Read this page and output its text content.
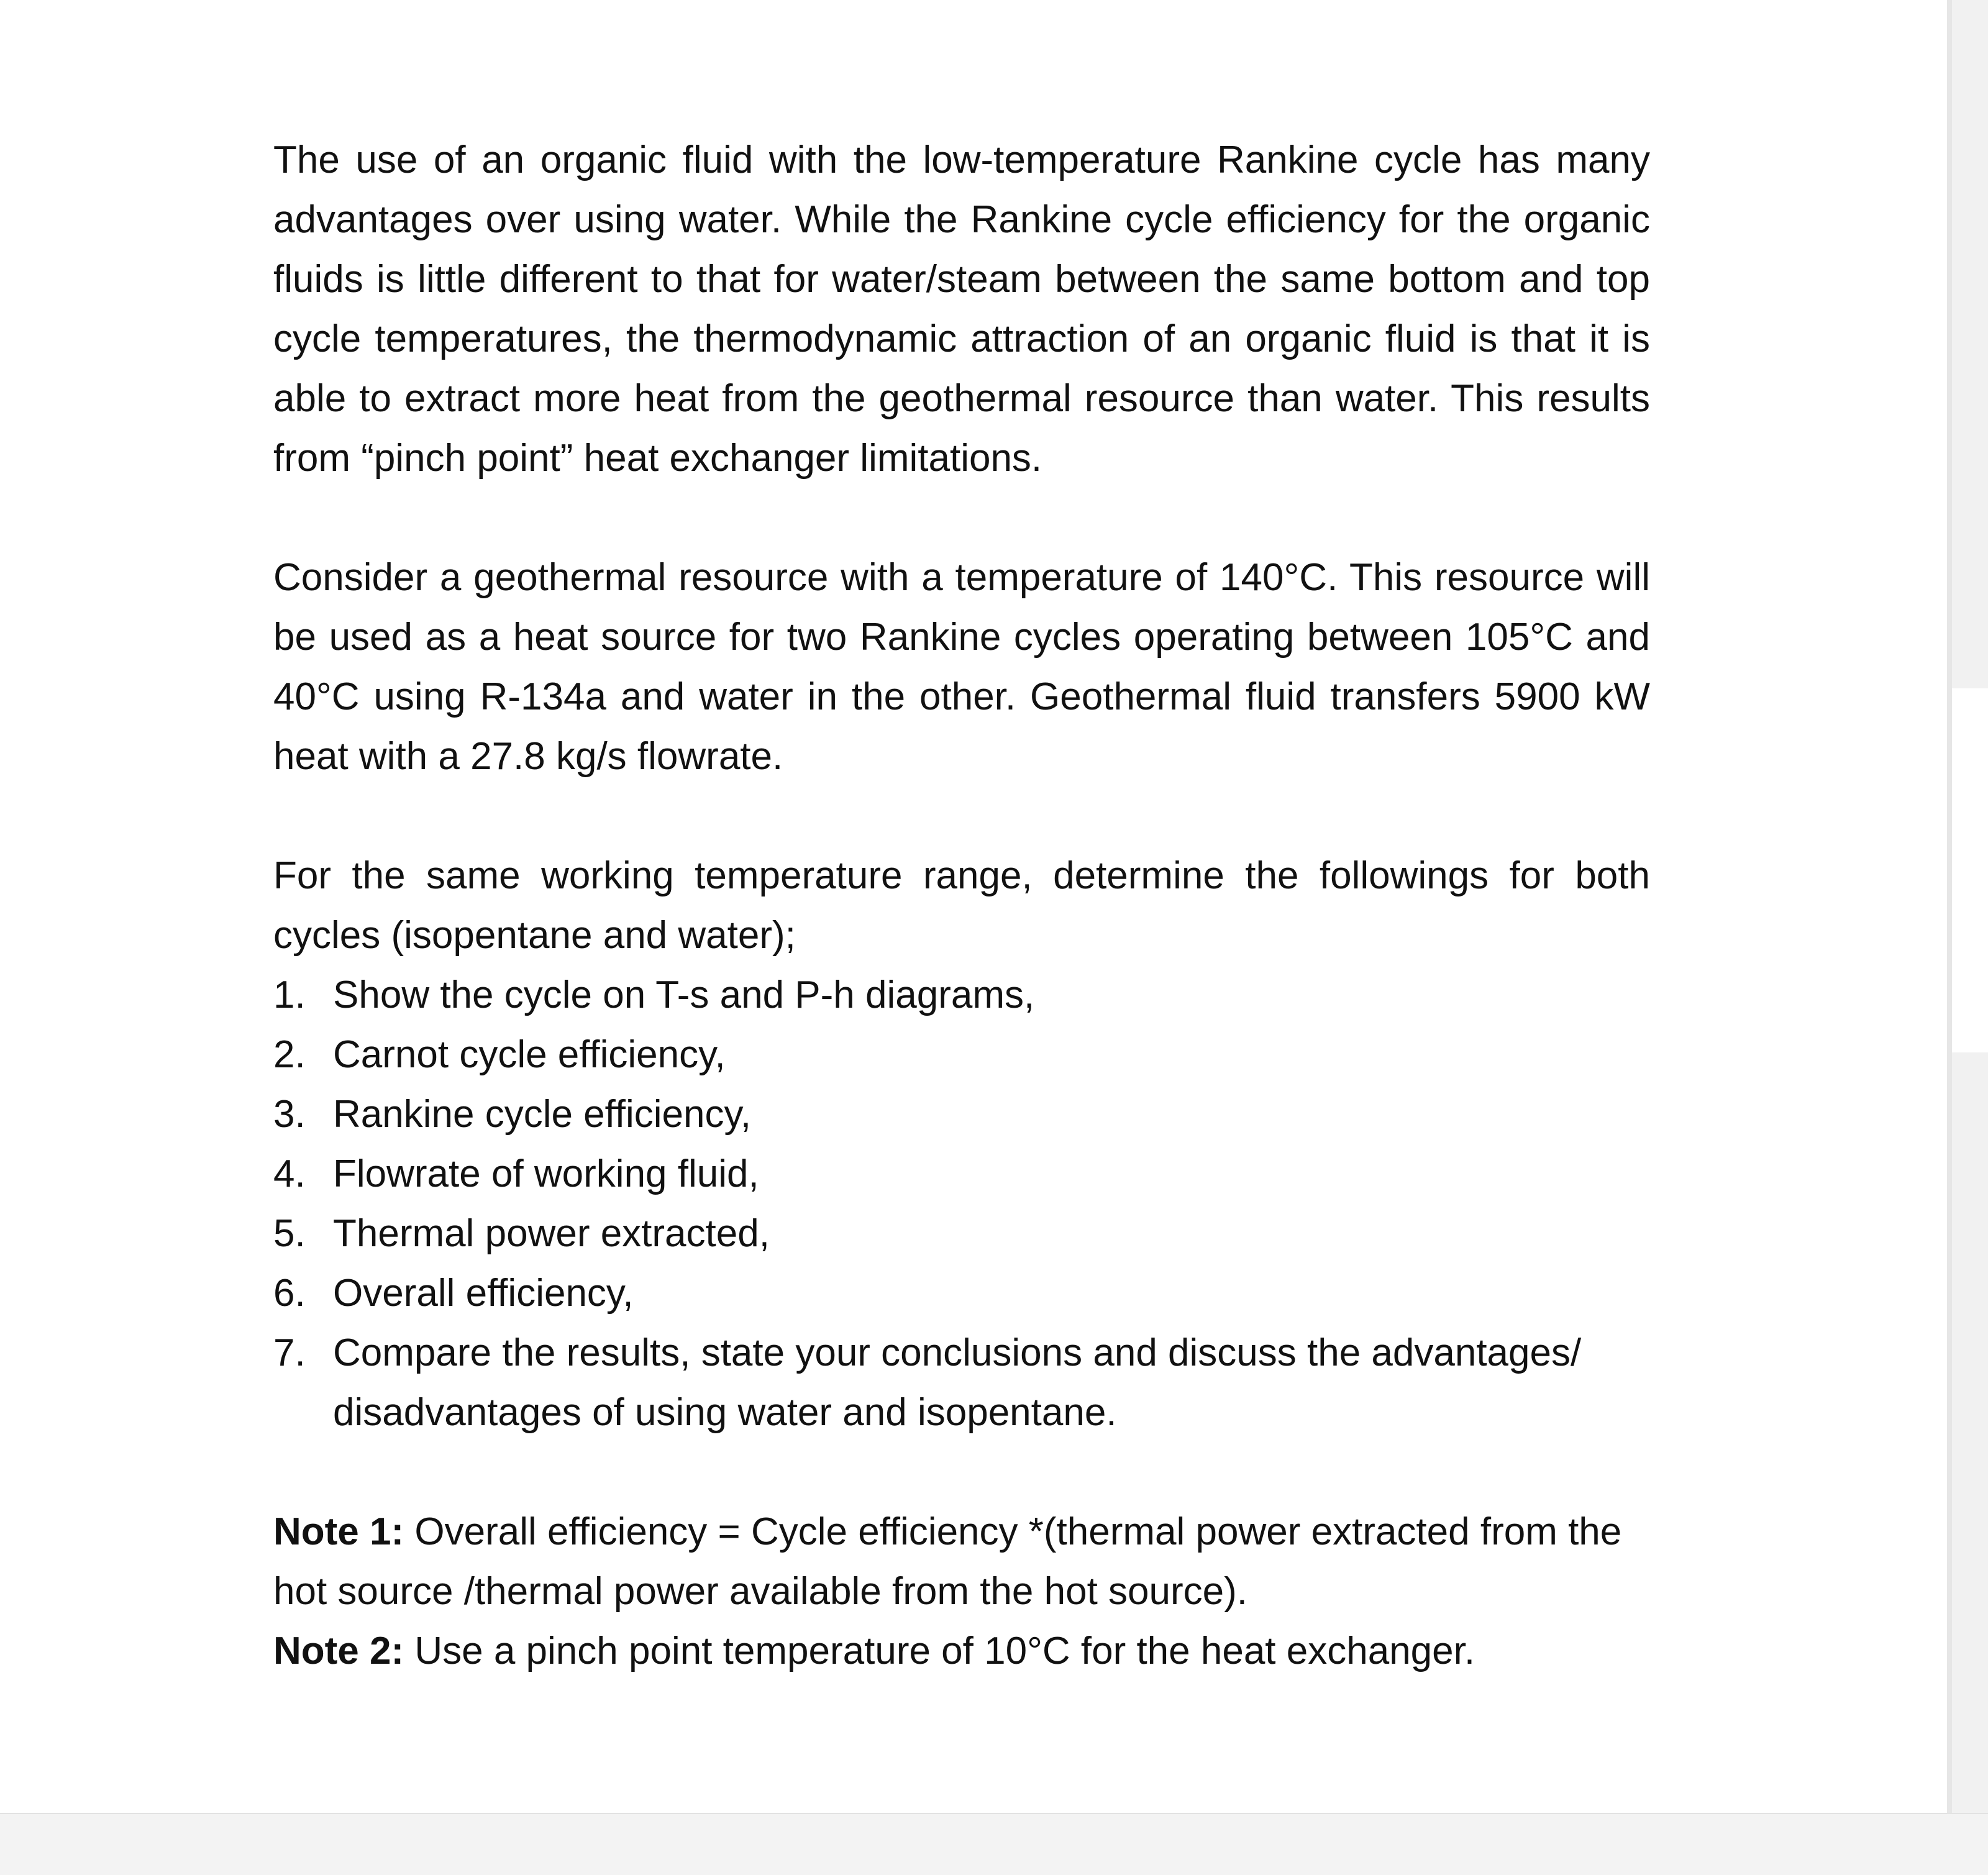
The use of an organic fluid with the low-temperature Rankine cycle has many advantages over using water. While the Rankine cycle efficiency for the organic fluids is little different to that for water/steam between the same bottom and top cycle temperatures, the thermodynamic attraction of an organic fluid is that it is able to extract more heat from the geothermal resource than water. This results from “pinch point” heat exchanger limitations.

Consider a geothermal resource with a temperature of 140°C. This resource will be used as a heat source for two Rankine cycles operating between 105°C and 40°C using R-134a and water in the other. Geothermal fluid transfers 5900 kW heat with a 27.8 kg/s flowrate.

For the same working temperature range, determine the followings for both cycles (isopentane and water);

1. Show the cycle on T-s and P-h diagrams,
2. Carnot cycle efficiency,
3. Rankine cycle efficiency,
4. Flowrate of working fluid,
5. Thermal power extracted,
6. Overall efficiency,
7. Compare the results, state your conclusions and discuss the advantages/ disadvantages of using water and isopentane.

Note 1: Overall efficiency = Cycle efficiency *(thermal power extracted from the hot source /thermal power available from the hot source).

Note 2: Use a pinch point temperature of 10°C for the heat exchanger.
